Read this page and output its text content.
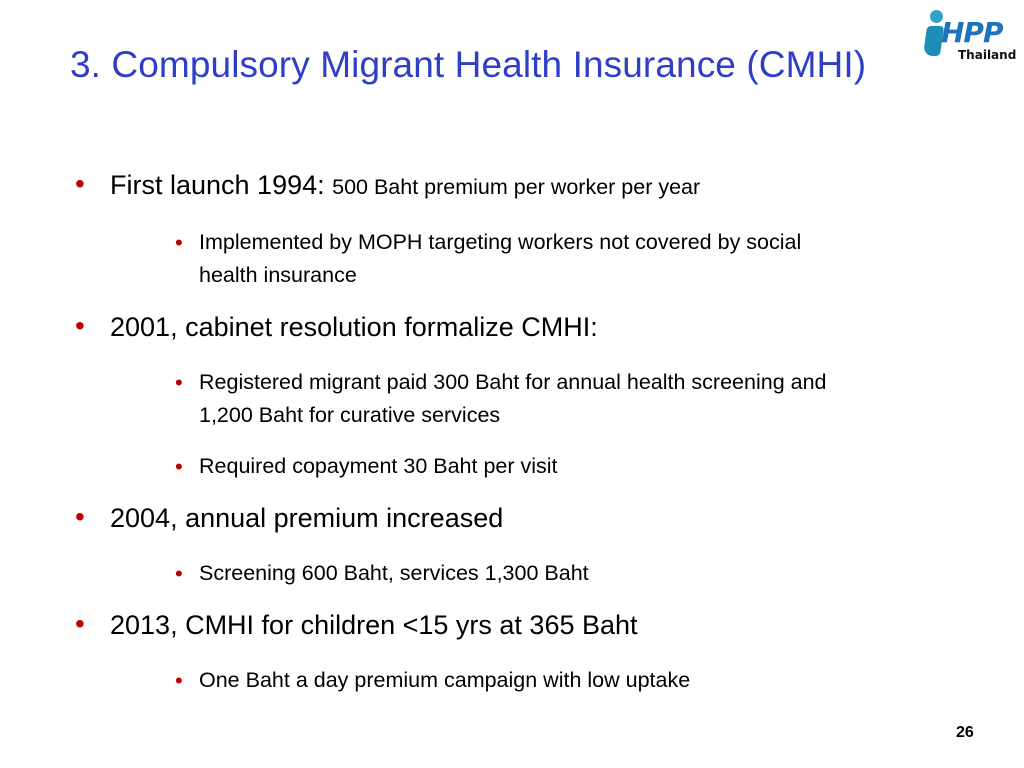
3. Compulsory Migrant Health Insurance (CMHI)
HPP
Thailand
• First launch 1994: 500 Baht premium per worker per year
• Implemented by MOPH targeting workers not covered by social
health insurance
• 2001, cabinet resolution formalize CMHI:
• Registered migrant paid 300 Baht for annual health screening and
1,200 Baht for curative services
• Required copayment 30 Baht per visit
• 2004, annual premium increased
• Screening 600 Baht, services 1,300 Baht
• 2013, CMHI for children <15 yrs at 365 Baht
• One Baht a day premium campaign with low uptake
26
